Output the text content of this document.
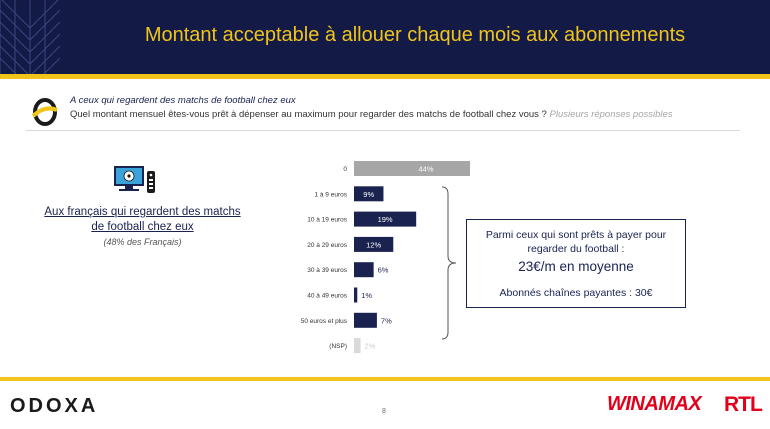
Montant acceptable à allouer chaque mois aux abonnements
A ceux qui regardent des matchs de football chez eux
Quel montant mensuel êtes-vous prêt à dépenser au maximum pour regarder des matchs de football chez vous ? Plusieurs réponses possibles
Aux français qui regardent des matchs
de football chez eux
(48% des Français)
0	44%
1 à 9 euros 9%
10 à 19 euros	19%
20 à 29 euros	12%
30 à 39 euros	6%
40 à 49 euros 1%
50 euros et plus	7%
(NSP) 2%
Parmi ceux qui sont prêts à payer pour
regarder du football :
23€/m en moyenne
Abonnés chaînes payantes : 30€
ODOXA	8	WINAMAX RTL
